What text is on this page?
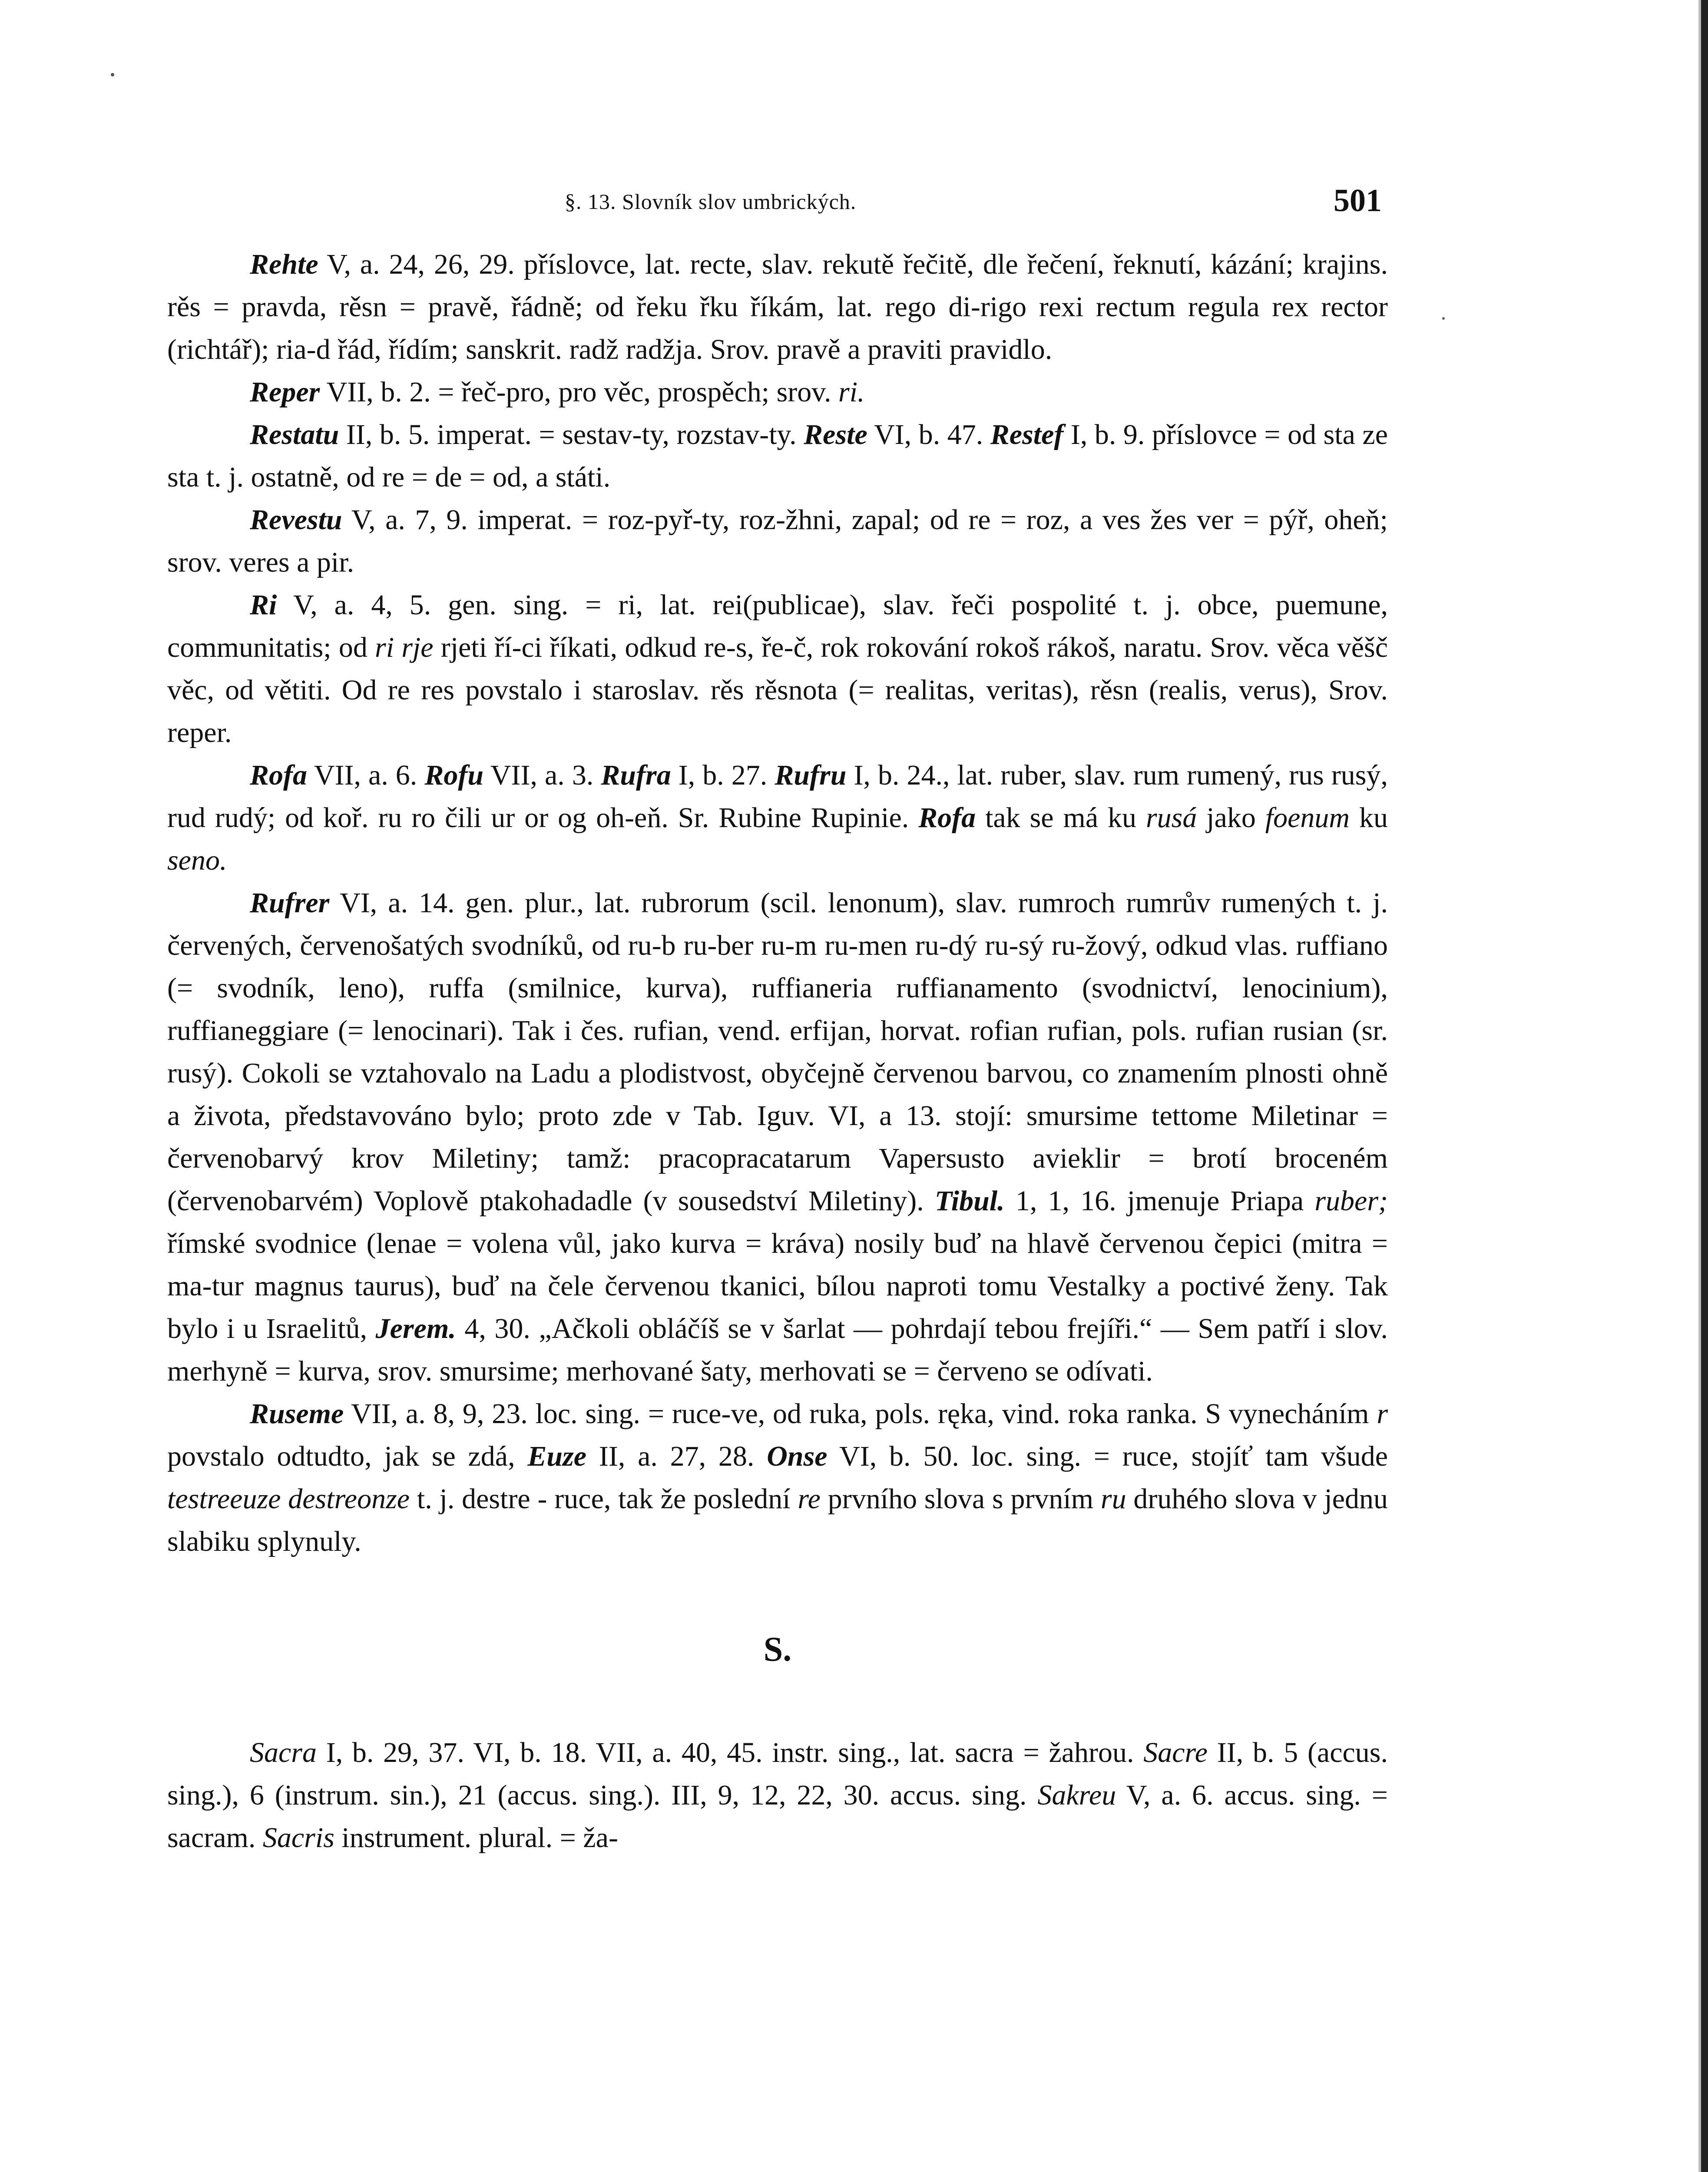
§. 13. Slovník slov umbrických.	501

Rehte V, a. 24, 26, 29. příslovce, lat. recte, slav. rekutě řečitě, dle řečení, řeknutí, kázání; krajins. rěs = pravda, rěsn = pravě, řádně; od řeku řku říkám, lat. rego di-rigo rexi rectum regula rex rector (richtář); ria-d řád, řídím; sanskrit. radž radžja. Srov. pravě a praviti pravidlo.

Reper VII, b. 2. = řeč-pro, pro věc, prospěch; srov. ri.

Restatu II, b. 5. imperat. = sestav-ty, rozstav-ty. Reste VI, b. 47. Restef I, b. 9. příslovce = od sta ze sta t. j. ostatně, od re = de = od, a státi.

Revestu V, a. 7, 9. imperat. = roz-pyř-ty, roz-žhni, zapal; od re = roz, a ves žes ver = pýř, oheň; srov. veres a pir.

Ri V, a. 4, 5. gen. sing. = ri, lat. rei(publicae), slav. řeči pospolité t. j. obce, puemune, communitatis; od ri rje rjeti ří-ci říkati, odkud re-s, ře-č, rok rokování rokoš rákoš, naratu. Srov. věca věšč věc, od větiti. Od re res povstalo i staroslav. rěs rěsnota (= realitas, veritas), rěsn (realis, verus), Srov. reper.

Rofa VII, a. 6. Rofu VII, a. 3. Rufra I, b. 27. Rufru I, b. 24., lat. ruber, slav. rum rumený, rus rusý, rud rudý; od koř. ru ro čili ur or og oh-eň. Sr. Rubine Rupinie. Rofa tak se má ku rusá jako foenum ku seno.

Rufrer VI, a. 14. gen. plur., lat. rubrorum (scil. lenonum), slav. rumroch rumrův rumených t. j. červených, červenošatých svodníků, od ru-b ru-ber ru-m ru-men ru-dý ru-sý ru-žový, odkud vlas. ruffiano (= svodník, leno), ruffa (smilnice, kurva), ruffianeria ruffianamento (svodnictví, lenocinium), ruffianeggiare (= lenocinari). Tak i čes. rufian, vend. erfijan, horvat. rofian rufian, pols. rufian rusian (sr. rusý). Cokoli se vztahovalo na Ladu a plodistvost, obyčejně červenou barvou, co znamením plnosti ohně a života, představováno bylo; proto zde v Tab. Iguv. VI, a 13. stojí: smursime tettome Miletinar = červenobarvý krov Miletiny; tamž: pracopracatarum Vapersusto avieklir = brotí broceném (červenobarvém) Voplově ptakohadadle (v sousedství Miletiny). Tibul. 1, 1, 16. jmenuje Priapa ruber; římské svodnice (lenae = volena vůl, jako kurva = kráva) nosily buď na hlavě červenou čepici (mitra = ma-tur magnus taurus), buď na čele červenou tkanici, bílou naproti tomu Vestalky a poctivé ženy. Tak bylo i u Israelitů, Jerem. 4, 30. „Ačkoli obláčíš se v šarlat — pohrdají tebou frejíři.“ — Sem patří i slov. merhyně = kurva, srov. smursime; merhované šaty, merhovati se = červeno se odívati.

Ruseme VII, a. 8, 9, 23. loc. sing. = ruce-ve, od ruka, pols. ręka, vind. roka ranka. S vynecháním r povstalo odtudto, jak se zdá, Euze II, a. 27, 28. Onse VI, b. 50. loc. sing. = ruce, stojíť tam všude testreeuze destreonze t. j. destre - ruce, tak že poslední re prvního slova s prvním ru druhého slova v jednu slabiku splynuly.

S.

Sacra I, b. 29, 37. VI, b. 18. VII, a. 40, 45. instr. sing., lat. sacra = žahrou. Sacre II, b. 5 (accus. sing.), 6 (instrum. sin.), 21 (accus. sing.). III, 9, 12, 22, 30. accus. sing. Sakreu V, a. 6. accus. sing. = sacram. Sacris instrument. plural. = ža-
